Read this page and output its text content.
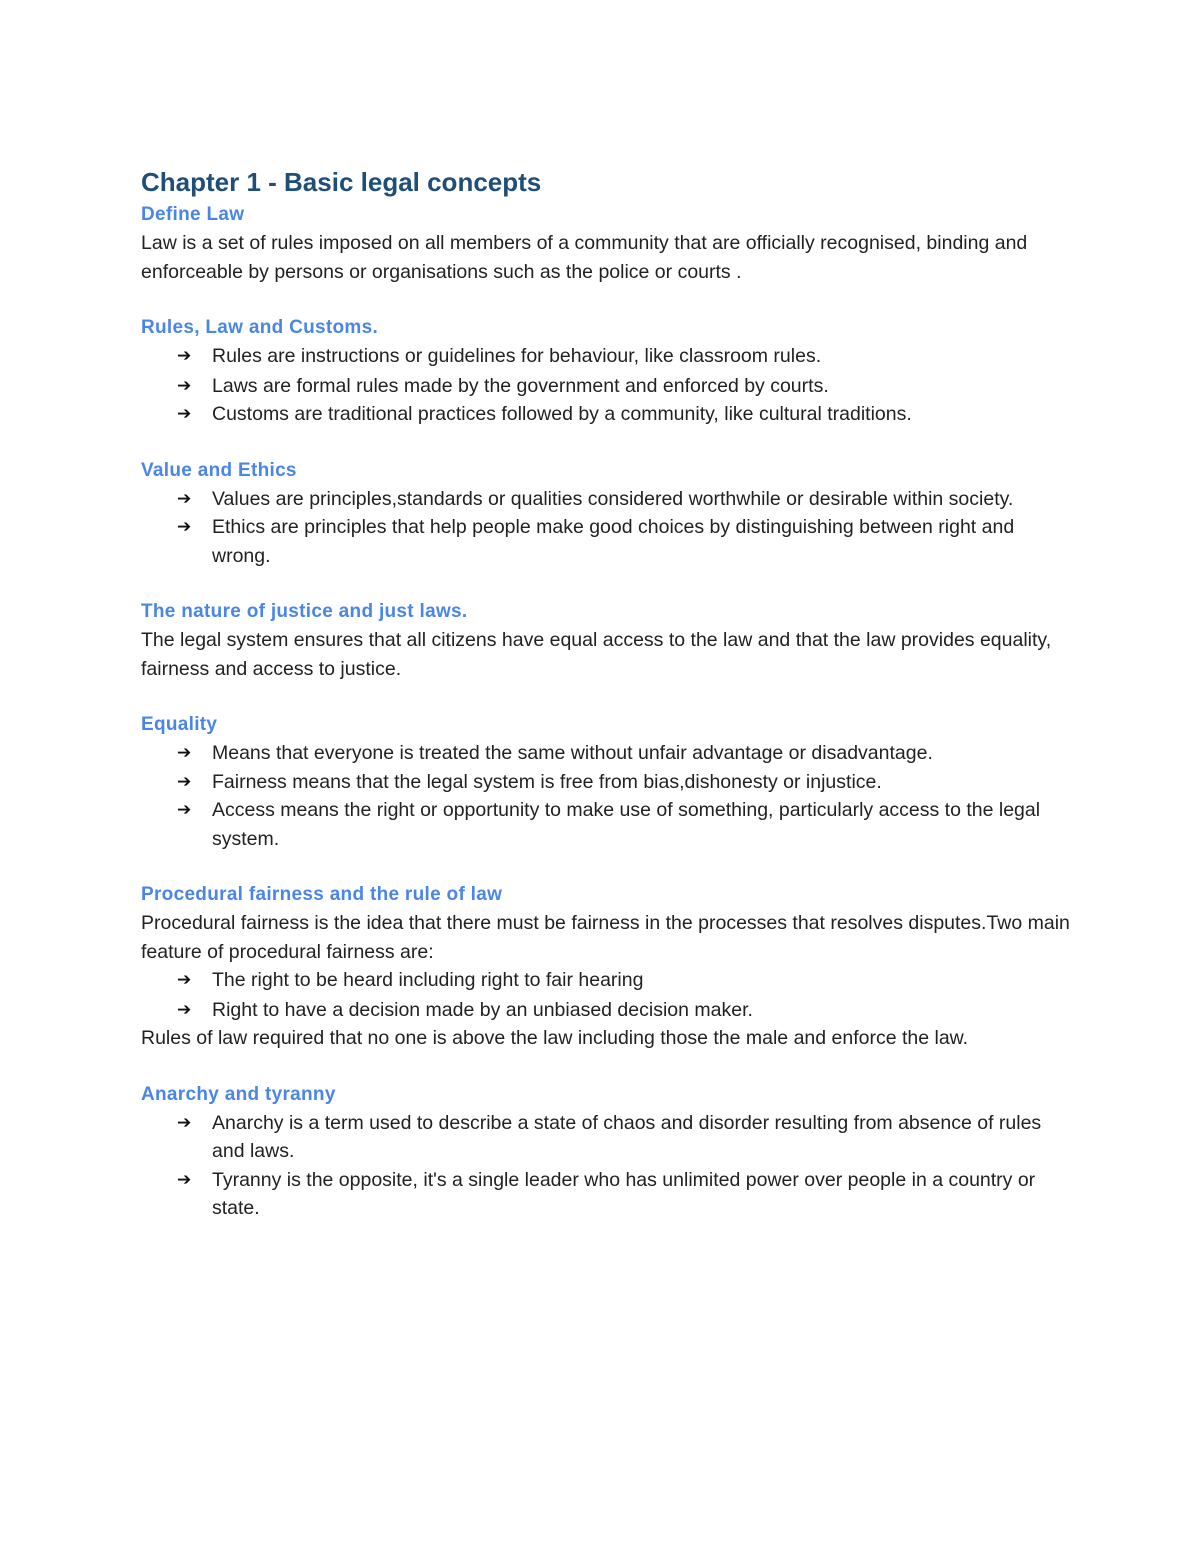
Chapter 1 - Basic legal concepts
Define Law

Law is a set of rules imposed on all members of a community that are officially recognised, binding and enforceable by persons or organisations such as the police or courts .

Rules, Law and Customs.
➔ Rules are instructions or guidelines for behaviour, like classroom rules.
➔ Laws are formal rules made by the government and enforced by courts.
➔ Customs are traditional practices followed by a community, like cultural traditions.
Value and Ethics
➔ Values are principles,standards or qualities considered worthwhile or desirable within society.
➔ Ethics are principles that help people make good choices by distinguishing between right and wrong.
The nature of justice and just laws.

The legal system ensures that all citizens have equal access to the law and that the law provides equality, fairness and access to justice.

Equality
➔ Means that everyone is treated the same without unfair advantage or disadvantage.
➔ Fairness means that the legal system is free from bias,dishonesty or injustice.
➔ Access means the right or opportunity to make use of something, particularly access to the legal system.
Procedural fairness and the rule of law

Procedural fairness is the idea that there must be fairness in the processes that resolves disputes.Two main feature of procedural fairness are:

➔ The right to be heard including right to fair hearing
➔ Right to have a decision made by an unbiased decision maker.

Rules of law required that no one is above the law including those the male and enforce the law.

Anarchy and tyranny
➔ Anarchy is a term used to describe a state of chaos and disorder resulting from absence of rules and laws.
➔ Tyranny is the opposite, it's a single leader who has unlimited power over people in a country or state.
